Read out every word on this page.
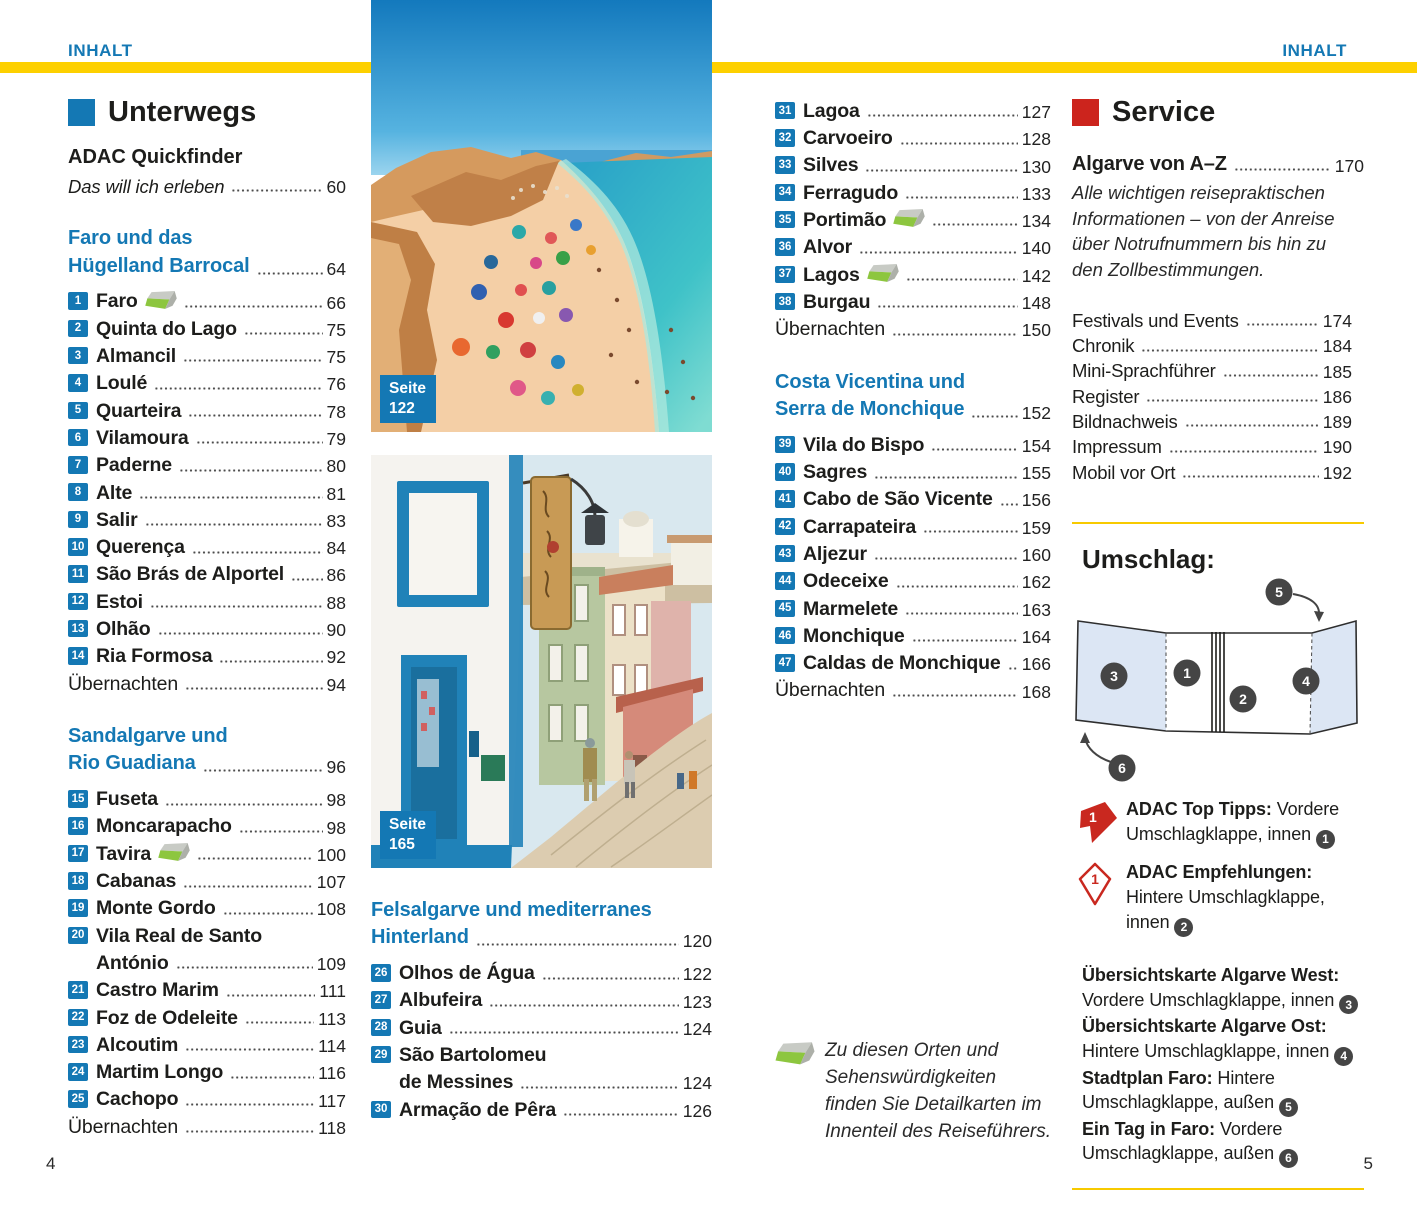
INHALT	INHALT
4	5
Unterwegs
ADAC Quickfinder
Das will ich erleben	60
Faro und das
Hügelland Barrocal	64
1 Faro	66
2 Quinta do Lago	75
3 Almancil	75
4 Loulé	76
5 Quarteira	78
6 Vilamoura	79
7 Paderne	80
8 Alte	81
9 Salir	83
10 Querença	84
11 São Brás de Alportel 86
12 Estoi	88
13 Olhão	90
14 Ria Formosa	92
Übernachten	94
Sandalgarve und
Rio Guadiana	96
15 Fuseta	98
16 Moncarapacho	98
17 Tavira	100
18 Cabanas	107
19 Monte Gordo	108
20 Vila Real de Santo
António	109
21 Castro Marim	111
22 Foz de Odeleite	113
23 Alcoutim	114
24 Martim Longo	116
25 Cachopo	117
Übernachten	118
Seite
122
Seite
165
Felsalgarve und mediterranes
Hinterland	120
26 Olhos de Água	122
27 Albufeira	123
28 Guia	124
29 São Bartolomeu
de Messines	124
30 Armação de Pêra	126
31 Lagoa	127
32 Carvoeiro	128
33 Silves	130
34 Ferragudo	133
35 Portimão	134
36 Alvor	140
37 Lagos	142
38 Burgau	148
Übernachten	150
Costa Vicentina und
Serra de Monchique	152
39 Vila do Bispo	154
40 Sagres	155
41 Cabo de São Vicente 156
42 Carrapateira	159
43 Aljezur	160
44 Odeceixe	162
45 Marmelete	163
46 Monchique	164
47 Caldas de Monchique 166
Übernachten	168
Zu diesen Orten und Sehenswürdigkeiten finden Sie Detailkarten im Innenteil des Reiseführers.
Service
Algarve von A–Z	170

Alle wichtigen reisepraktischen Informationen – von der Anreise über Notrufnummern bis hin zu den Zollbestimmungen.

Festivals und Events	174
Chronik	184
Mini-Sprachführer	185
Register	186
Bildnachweis	189
Impressum	190
Mobil vor Ort	192
Umschlag:
3	1
2
4
5
6
1 ADAC Top Tipps: Vordere Umschlagklappe, innen 1
1 ADAC Empfehlungen: Hintere Umschlagklappe, innen 2
Übersichtskarte Algarve West: Vordere Umschlagklappe, innen 3
Übersichtskarte Algarve Ost: Hintere Umschlagklappe, innen 4
Stadtplan Faro: Hintere Umschlagklappe, außen 5
Ein Tag in Faro: Vordere Umschlagklappe, außen 6
